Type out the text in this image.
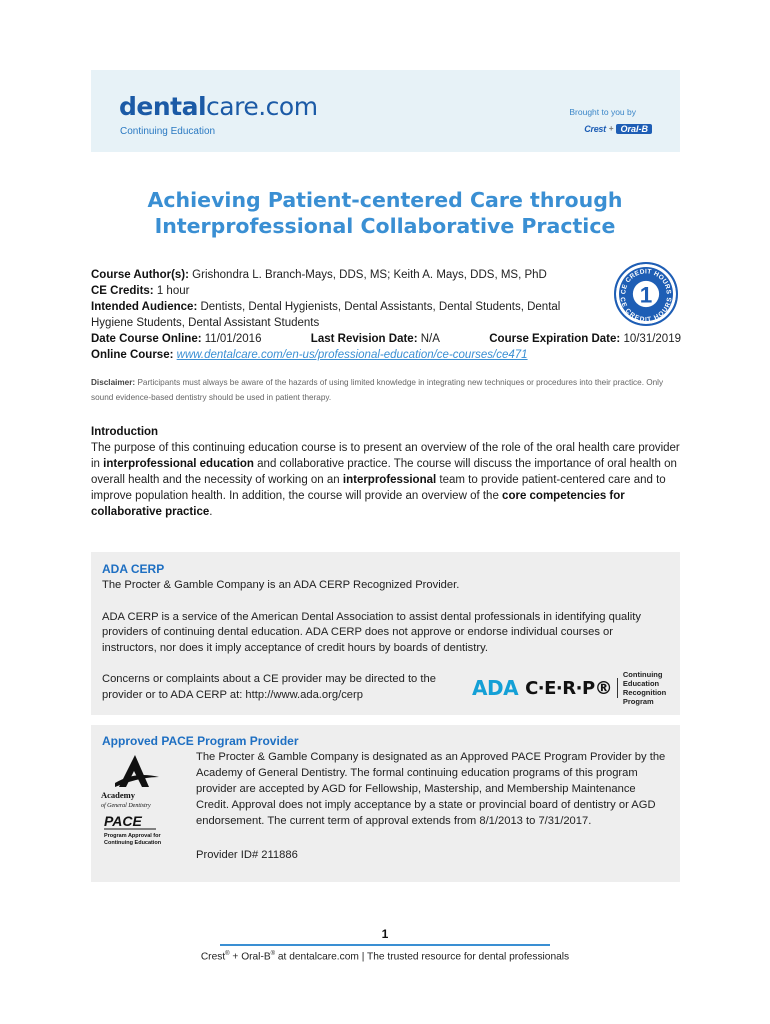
dentalcare.com
Continuing Education
Brought to you by
Crest + Oral-B
Achieving Patient-centered Care through
Interprofessional Collaborative Practice
CE CREDIT HOURS
CE CREDIT HOURS
1
Course Author(s): Grishondra L. Branch-Mays, DDS, MS; Keith A. Mays, DDS, MS, PhD
CE Credits: 1 hour
Intended Audience: Dentists, Dental Hygienists, Dental Assistants, Dental Students, Dental Hygiene Students, Dental Assistant Students
Date Course Online: 11/01/2016	Last Revision Date: N/A	Course Expiration Date: 10/31/2019
Online Course: www.dentalcare.com/en-us/professional-education/ce-courses/ce471
Disclaimer: Participants must always be aware of the hazards of using limited knowledge in integrating new techniques or procedures into their practice. Only sound evidence-based dentistry should be used in patient therapy.
Introduction

The purpose of this continuing education course is to present an overview of the role of the oral health care provider in interprofessional education and collaborative practice. The course will discuss the importance of oral health on overall health and the necessity of working on an interprofessional team to provide patient-centered care and to improve population health. In addition, the course will provide an overview of the core competencies for collaborative practice.

ADA CERP

The Procter & Gamble Company is an ADA CERP Recognized Provider.

ADA CERP is a service of the American Dental Association to assist dental professionals in identifying quality providers of continuing dental education. ADA CERP does not approve or endorse individual courses or instructors, nor does it imply acceptance of credit hours by boards of dentistry.

Concerns or complaints about a CE provider may be directed to the provider or to ADA CERP at: http://www.ada.org/cerp	ADA C·E·R·P®
Continuing Education
Recognition Program
Approved PACE Program Provider
Academy
of General Dentistry
PACE
Program Approval for
Continuing Education

The Procter & Gamble Company is designated as an Approved PACE Program Provider by the Academy of General Dentistry. The formal continuing education programs of this program provider are accepted by AGD for Fellowship, Mastership, and Membership Maintenance Credit. Approval does not imply acceptance by a state or provincial board of dentistry or AGD endorsement. The current term of approval extends from 8/1/2013 to 7/31/2017.

Provider ID# 211886

1
Crest® + Oral-B® at dentalcare.com | The trusted resource for dental professionals
